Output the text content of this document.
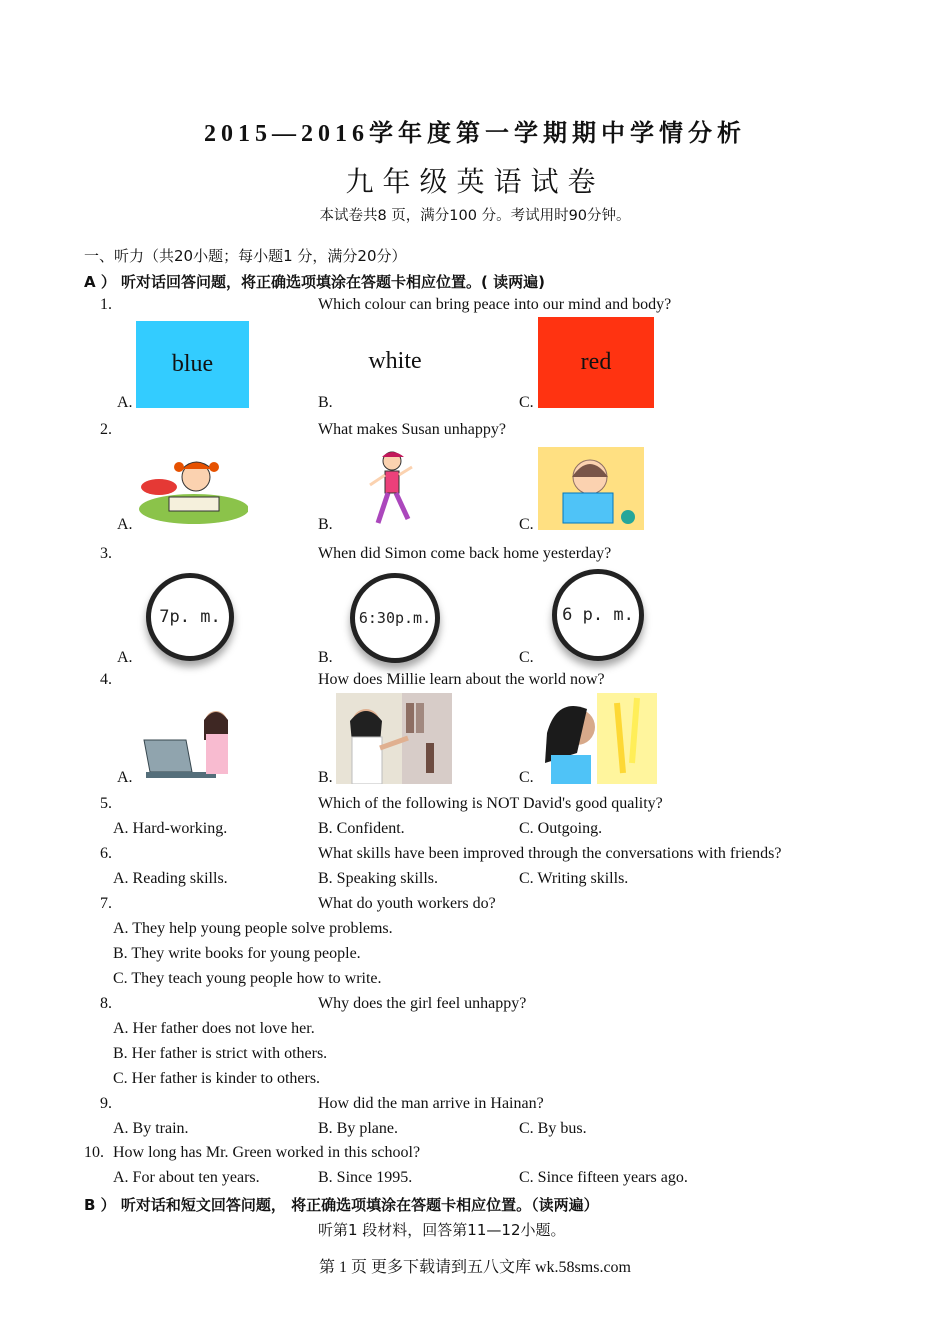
2015—2016学年度第一学期期中学情分析
九年级英语试卷
本试卷共8 页，满分100 分。考试用时90分钟。
一、听力（共20小题；每小题1 分，满分20分）
A ） 听对话回答问题，将正确选项填涂在答题卡相应位置。( 读两遍)
1.	Which colour can bring peace into our mind and body?
blue	white	red
A.	B.	C.
2.	What makes Susan unhappy?
A.	B.	C.
3.	When did Simon come back home yesterday?
7p. m.	6:30p.m.	6 p. m.
A.	B.	C.
4.	How does Millie learn about the world now?
A.	B.	C.
5.	Which of the following is NOT David's good quality?
A. Hard-working.	B. Confident.	C. Outgoing.
6.	What skills have been improved through the conversations with friends?
A. Reading skills.	B. Speaking skills.	C. Writing skills.
7.	What do youth workers do?
A. They help young people solve problems.
B. They write books for young people.
C. They teach young people how to write.
8.	Why does the girl feel unhappy?
A. Her father does not love her.
B. Her father is strict with others.
C. Her father is kinder to others.
9.	How did the man arrive in Hainan?
A. By train.	B. By plane.	C. By bus.
10. How long has Mr. Green worked in this school?
A. For about ten years.	B. Since 1995.	C. Since fifteen years ago.
B ） 听对话和短文回答问题， 将正确选项填涂在答题卡相应位置。（读两遍）
听第1 段材料，回答第11—12小题。
第 1 页 更多下载请到五八文库 wk.58sms.com
